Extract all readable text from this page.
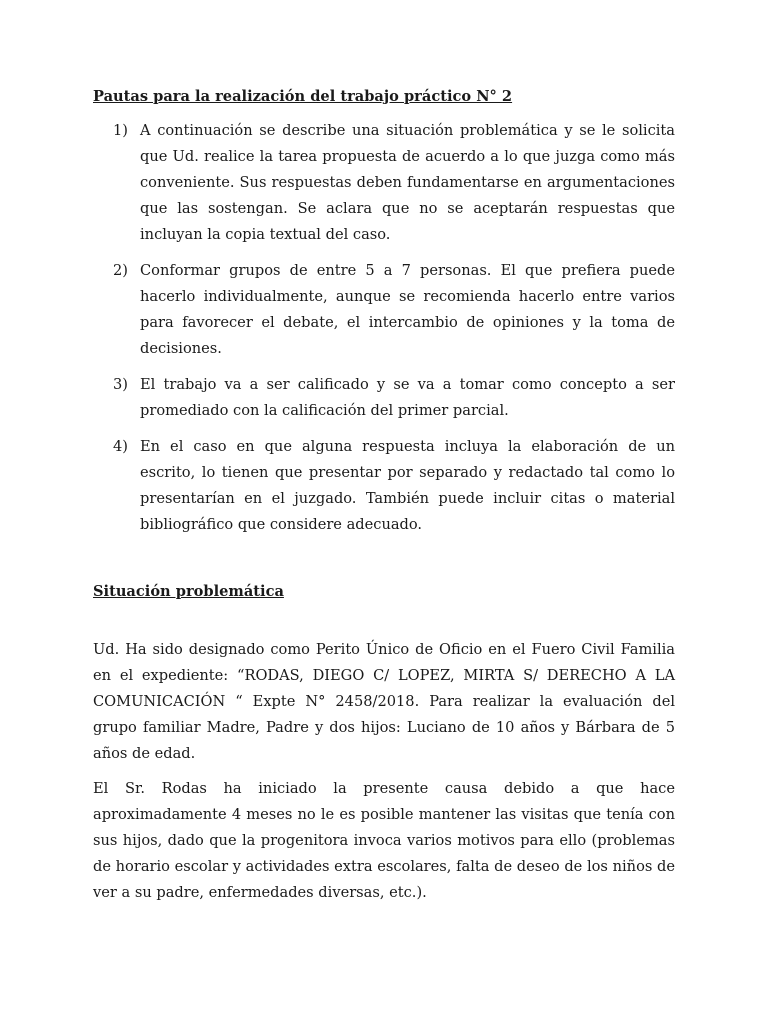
Pautas para la realización del trabajo práctico N° 2
1) A continuación se describe una situación problemática y se le solicita que Ud. realice la tarea propuesta de acuerdo a lo que juzga como más conveniente. Sus respuestas deben fundamentarse en argumentaciones que las sostengan. Se aclara que no se aceptarán respuestas que incluyan la copia textual del caso.
2) Conformar grupos de entre 5 a 7 personas. El que prefiera puede hacerlo individualmente, aunque se recomienda hacerlo entre varios para favorecer el debate, el intercambio de opiniones y la toma de decisiones.
3) El trabajo va a ser calificado y se va a tomar como concepto a ser promediado con la calificación del primer parcial.
4) En el caso en que alguna respuesta incluya la elaboración de un escrito, lo tienen que presentar por separado y redactado tal como lo presentarían en el juzgado. También puede incluir citas o material bibliográfico que considere adecuado.
Situación problemática

Ud. Ha sido designado como Perito Único de Oficio en el Fuero Civil Familia en el expediente: “RODAS, DIEGO C/ LOPEZ, MIRTA S/ DERECHO A LA COMUNICACIÓN “ Expte N° 2458/2018. Para realizar la evaluación del grupo familiar Madre, Padre y dos hijos: Luciano de 10 años y Bárbara de 5 años de edad.

El Sr. Rodas ha iniciado la presente causa debido a que hace aproximadamente 4 meses no le es posible mantener las visitas que tenía con sus hijos, dado que la progenitora invoca varios motivos para ello (problemas de horario escolar y actividades extra escolares, falta de deseo de los niños de ver a su padre, enfermedades diversas, etc.).
